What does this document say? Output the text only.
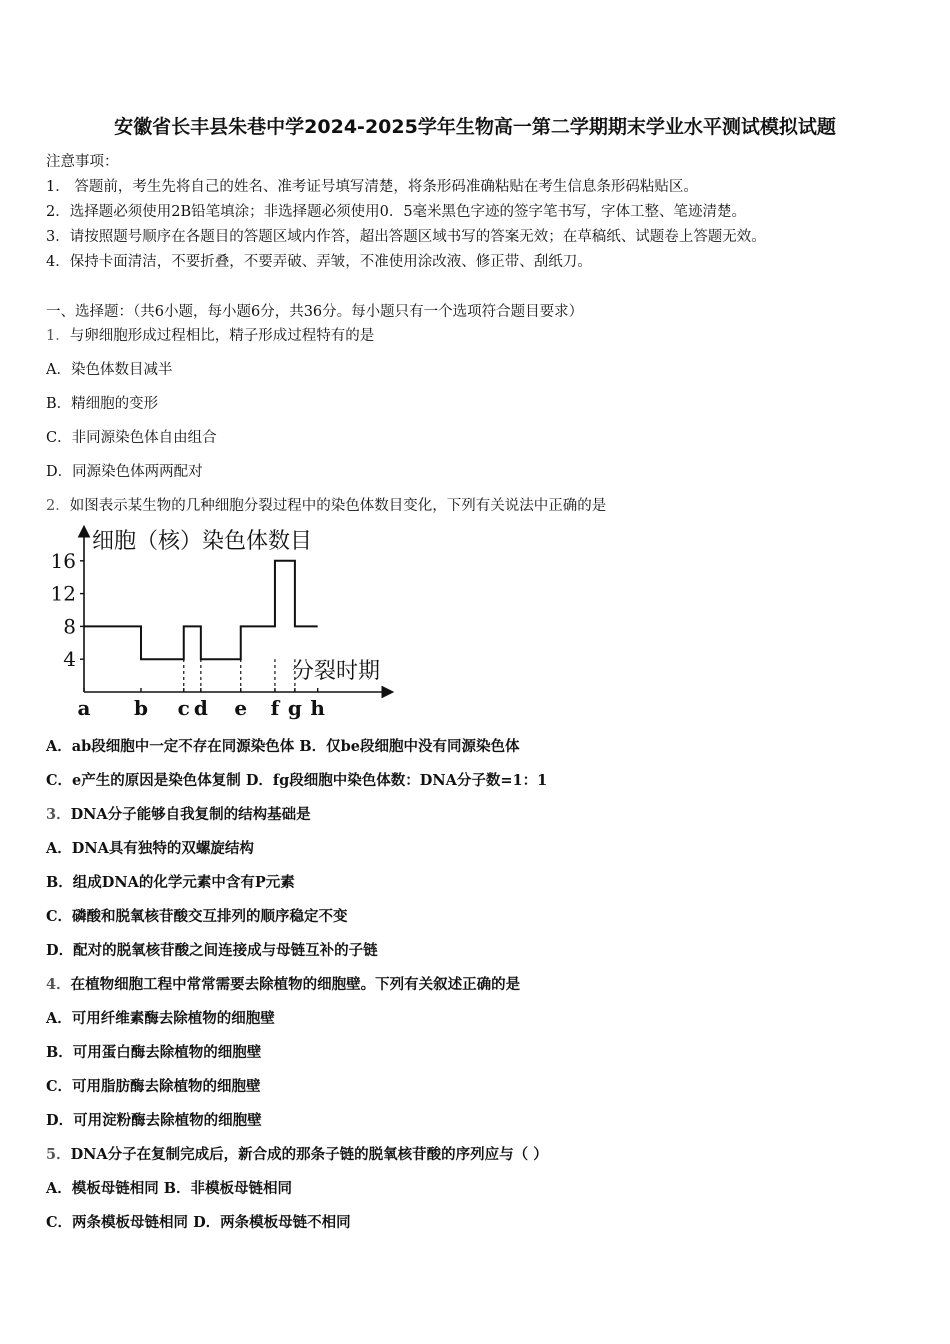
安徽省长丰县朱巷中学2024-2025学年生物高一第二学期期末学业水平测试模拟试题
注意事项：
1． 答题前，考生先将自己的姓名、准考证号填写清楚，将条形码准确粘贴在考生信息条形码粘贴区。
2．选择题必须使用2B铅笔填涂；非选择题必须使用0．5毫米黑色字迹的签字笔书写，字体工整、笔迹清楚。
3．请按照题号顺序在各题目的答题区域内作答，超出答题区域书写的答案无效；在草稿纸、试题卷上答题无效。
4．保持卡面清洁，不要折叠，不要弄破、弄皱，不准使用涂改液、修正带、刮纸刀。
一、选择题：（共6小题，每小题6分，共36分。每小题只有一个选项符合题目要求）
1．与卵细胞形成过程相比，精子形成过程特有的是
A．染色体数目减半
B．精细胞的变形
C．非同源染色体自由组合
D．同源染色体两两配对
2．如图表示某生物的几种细胞分裂过程中的染色体数目变化，下列有关说法中正确的是
细胞（核）染色体数目
分裂时期
4
8
12
16
a b c d e f g h
A．ab段细胞中一定不存在同源染色体 B．仅be段细胞中没有同源染色体
C．e产生的原因是染色体复制 D．fg段细胞中染色体数：DNA分子数=1：1
3．DNA分子能够自我复制的结构基础是
A．DNA具有独特的双螺旋结构
B．组成DNA的化学元素中含有P元素
C．磷酸和脱氧核苷酸交互排列的顺序稳定不变
D．配对的脱氧核苷酸之间连接成与母链互补的子链
4．在植物细胞工程中常常需要去除植物的细胞壁。下列有关叙述正确的是
A．可用纤维素酶去除植物的细胞壁
B．可用蛋白酶去除植物的细胞壁
C．可用脂肪酶去除植物的细胞壁
D．可用淀粉酶去除植物的细胞壁
5．DNA分子在复制完成后，新合成的那条子链的脱氧核苷酸的序列应与（ ）
A．模板母链相同 B．非模板母链相同
C．两条模板母链相同 D．两条模板母链不相同
